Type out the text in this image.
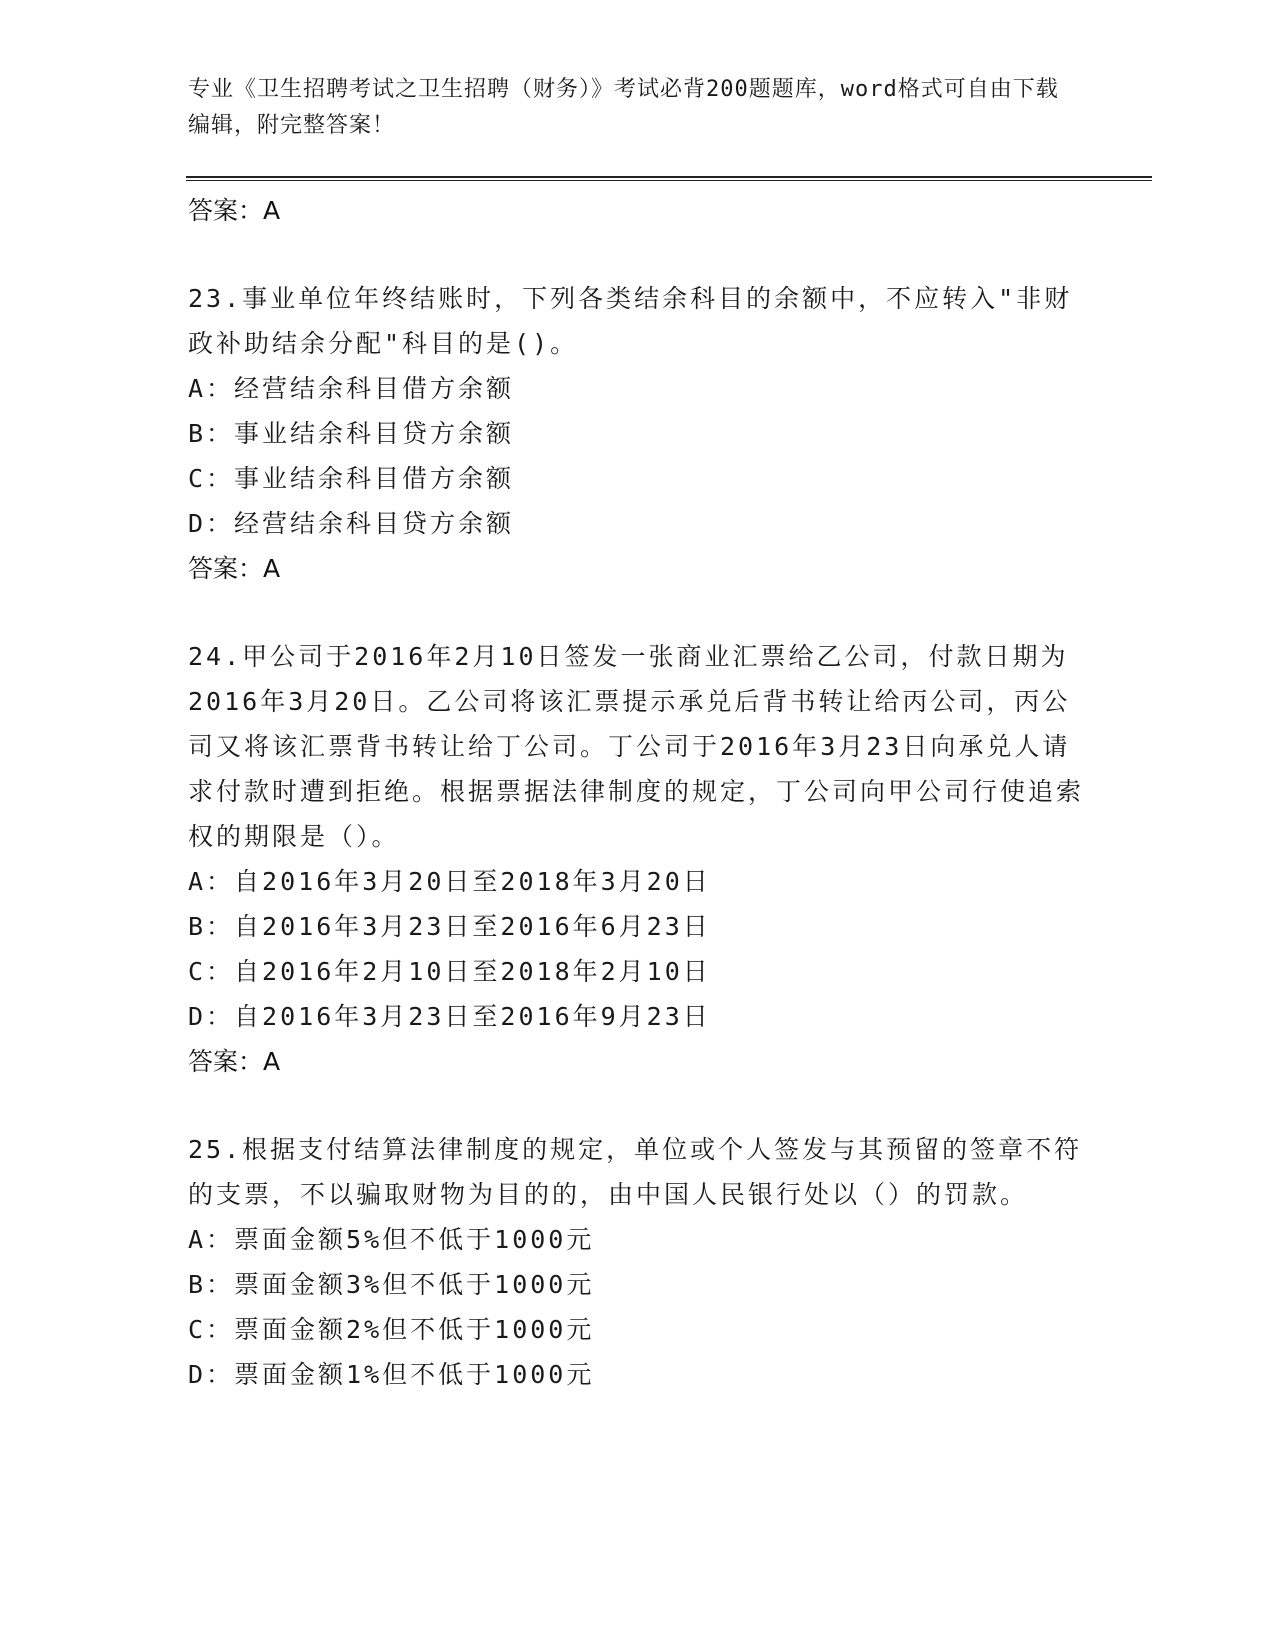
专业《卫生招聘考试之卫生招聘（财务）》考试必背200题题库，word格式可自由下载编辑，附完整答案！
答案：A
23.事业单位年终结账时，下列各类结余科目的余额中，不应转入"非财政补助结余分配"科目的是()。
A：经营结余科目借方余额
B：事业结余科目贷方余额
C：事业结余科目借方余额
D：经营结余科目贷方余额
答案：A
24.甲公司于2016年2月10日签发一张商业汇票给乙公司，付款日期为2016年3月20日。乙公司将该汇票提示承兑后背书转让给丙公司，丙公司又将该汇票背书转让给丁公司。丁公司于2016年3月23日向承兑人请求付款时遭到拒绝。根据票据法律制度的规定，丁公司向甲公司行使追索权的期限是（）。
A：自2016年3月20日至2018年3月20日
B：自2016年3月23日至2016年6月23日
C：自2016年2月10日至2018年2月10日
D：自2016年3月23日至2016年9月23日
答案：A
25.根据支付结算法律制度的规定，单位或个人签发与其预留的签章不符的支票，不以骗取财物为目的的，由中国人民银行处以（）的罚款。
A：票面金额5%但不低于1000元
B：票面金额3%但不低于1000元
C：票面金额2%但不低于1000元
D：票面金额1%但不低于1000元
